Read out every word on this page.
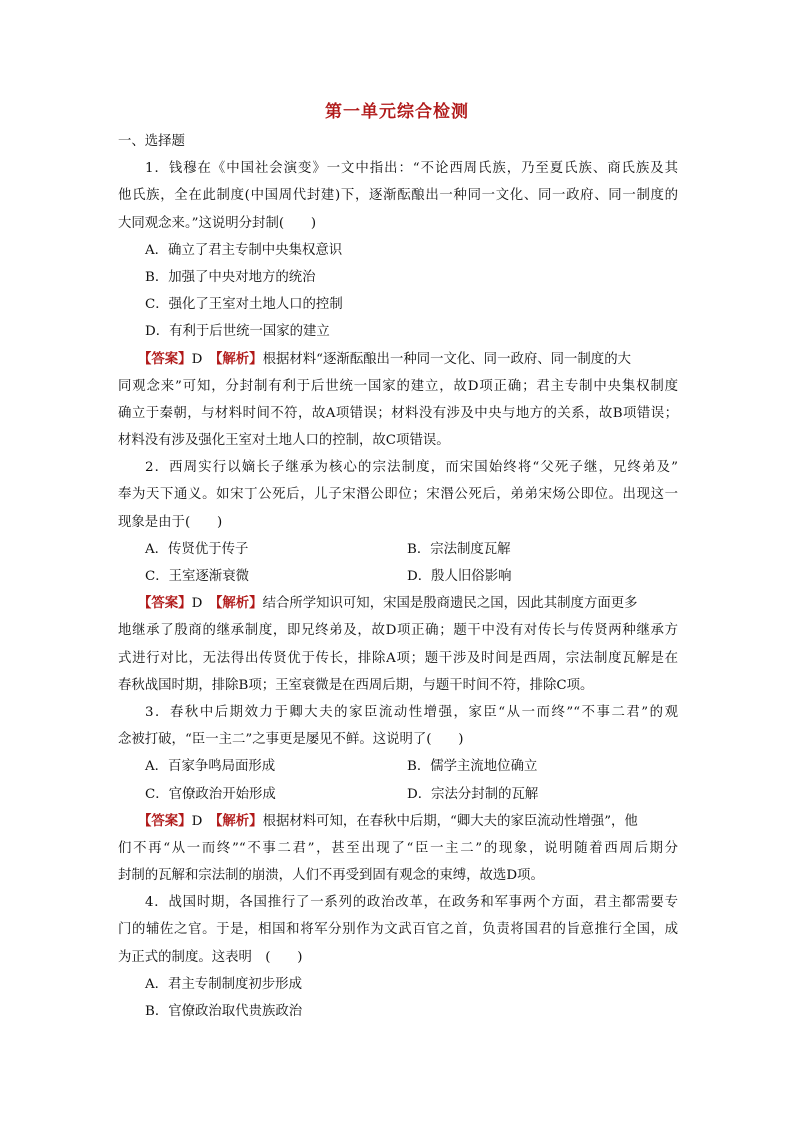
第一单元综合检测
一、选择题
1．钱穆在《中国社会演变》一文中指出：“不论西周氏族，乃至夏氏族、商氏族及其
他氏族，全在此制度(中国周代封建)下，逐渐酝酿出一种同一文化、同一政府、同一制度的
大同观念来。”这说明分封制(　　)
A．确立了君主专制中央集权意识
B．加强了中央对地方的统治
C．强化了王室对土地人口的控制
D．有利于后世统一国家的建立
【答案】D  【解析】根据材料“逐渐酝酿出一种同一文化、同一政府、同一制度的大
同观念来”可知，分封制有利于后世统一国家的建立，故D项正确；君主专制中央集权制度
确立于秦朝，与材料时间不符，故A项错误；材料没有涉及中央与地方的关系，故B项错误；
材料没有涉及强化王室对土地人口的控制，故C项错误。
2．西周实行以嫡长子继承为核心的宗法制度，而宋国始终将“父死子继，兄终弟及”
奉为天下通义。如宋丁公死后，儿子宋湣公即位；宋湣公死后，弟弟宋炀公即位。出现这一
现象是由于(　　)
A．传贤优于传子	B．宗法制度瓦解
C．王室逐渐衰微	D．殷人旧俗影响
【答案】D  【解析】结合所学知识可知，宋国是殷商遗民之国，因此其制度方面更多
地继承了殷商的继承制度，即兄终弟及，故D项正确；题干中没有对传长与传贤两种继承方
式进行对比，无法得出传贤优于传长，排除A项；题干涉及时间是西周，宗法制度瓦解是在
春秋战国时期，排除B项；王室衰微是在西周后期，与题干时间不符，排除C项。
3．春秋中后期效力于卿大夫的家臣流动性增强，家臣“从一而终”“不事二君”的观
念被打破，“臣一主二”之事更是屡见不鲜。这说明了(　　)
A．百家争鸣局面形成	B．儒学主流地位确立
C．官僚政治开始形成	D．宗法分封制的瓦解
【答案】D  【解析】根据材料可知，在春秋中后期，“卿大夫的家臣流动性增强”，他
们不再“从一而终”“不事二君”，甚至出现了“臣一主二”的现象，说明随着西周后期分
封制的瓦解和宗法制的崩溃，人们不再受到固有观念的束缚，故选D项。
4．战国时期，各国推行了一系列的政治改革，在政务和军事两个方面，君主都需要专
门的辅佐之官。于是，相国和将军分别作为文武百官之首，负责将国君的旨意推行全国，成
为正式的制度。这表明　(　　)
A．君主专制制度初步形成
B．官僚政治取代贵族政治
